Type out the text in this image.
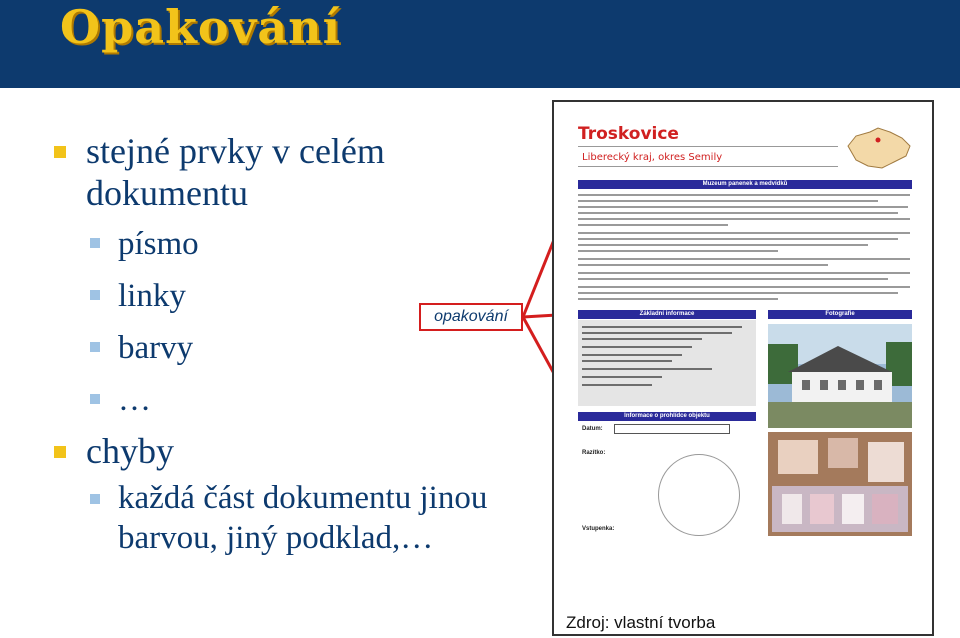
Opakování
stejné prvky v celém dokumentu
písmo
linky
barvy
…
chyby
každá část dokumentu jinou barvou, jiný podklad,…
opakování
Troskovice
Liberecký kraj, okres Semily
Muzeum panenek a medvídků
Základní informace	Fotografie
Informace o prohlídce objektu
Datum:
Razítko:
Vstupenka:
Zdroj: vlastní tvorba
